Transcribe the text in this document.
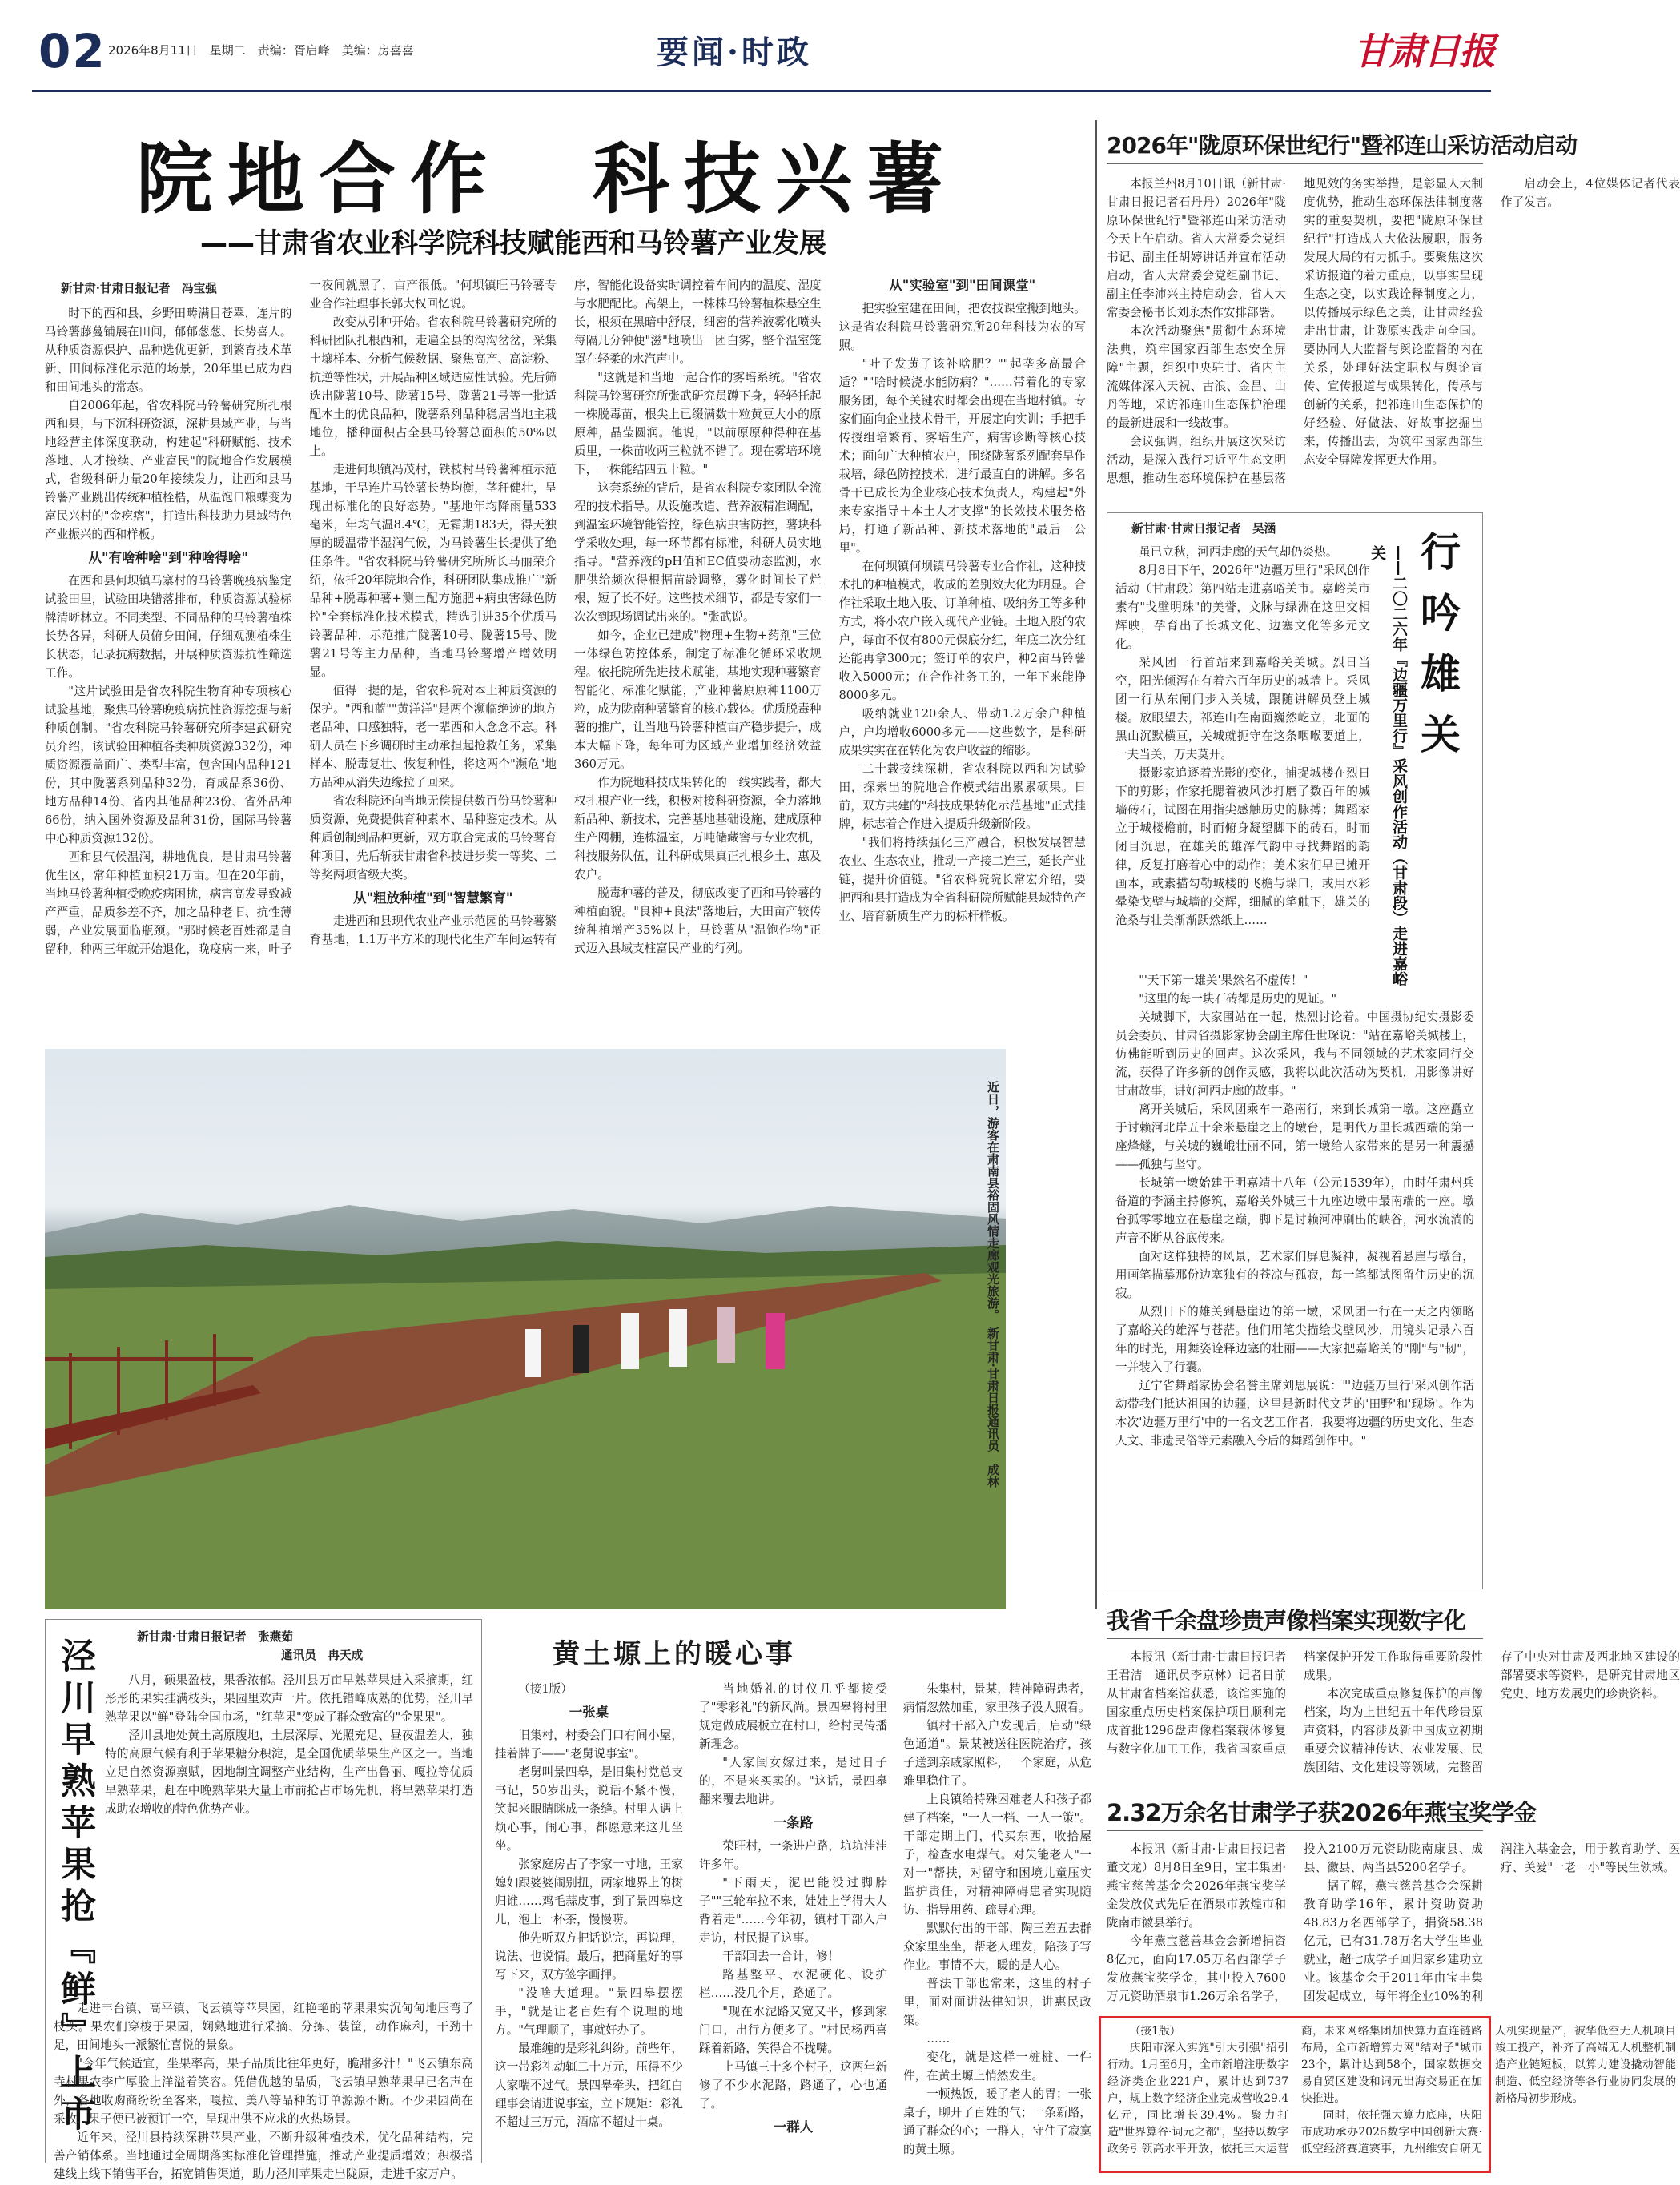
02 2026年8月11日　星期二　责编：胥启峰　美编：房喜喜	要闻·时政	甘肃日报
院地合作　科技兴薯
——甘肃省农业科学院科技赋能西和马铃薯产业发展
新甘肃·甘肃日报记者　冯宝强

时下的西和县，乡野田畴满目苍翠，连片的马铃薯藤蔓铺展在田间，郁郁葱葱、长势喜人。从种质资源保护、品种选优更新，到繁育技术革新、田间标准化示范的场景，20年里已成为西和田间地头的常态。

自2006年起，省农科院马铃薯研究所扎根西和县，与下沉科研资源，深耕县域产业，与当地经营主体深度联动，构建起"科研赋能、技术落地、人才接续、产业富民"的院地合作发展模式，省级科研力量20年接续发力，让西和县马铃薯产业跳出传统种植桎梏，从温饱口粮蝶变为富民兴村的"金疙瘩"，打造出科技助力县域特色产业振兴的西和样板。

从"有啥种啥"到"种啥得啥"

在西和县何坝镇马寨村的马铃薯晚疫病鉴定试验田里，试验田块错落排布，种质资源试验标牌清晰林立。不同类型、不同品种的马铃薯植株长势各异，科研人员俯身田间，仔细观测植株生长状态，记录抗病数据，开展种质资源抗性筛选工作。

"这片试验田是省农科院生物育种专项核心试验基地，聚焦马铃薯晚疫病抗性资源挖掘与新种质创制。"省农科院马铃薯研究所李建武研究员介绍，该试验田种植各类种质资源332份，种质资源覆盖面广、类型丰富，包含国内品种121份，其中陇薯系列品种32份，育成品系36份、地方品种14份、省内其他品种23份、省外品种66份，纳入国外资源及品种31份，国际马铃薯中心种质资源132份。

西和县气候温润，耕地优良，是甘肃马铃薯优生区，常年种植面积21万亩。但在20年前，当地马铃薯种植受晚疫病困扰，病害高发导致减产严重，品质参差不齐，加之品种老旧、抗性薄弱，产业发展面临瓶颈。"那时候老百姓都是自留种，种两三年就开始退化，晚疫病一来，叶子一夜间就黑了，亩产很低。"何坝镇旺马铃薯专业合作社理事长郭大权回忆说。

改变从引种开始。省农科院马铃薯研究所的科研团队扎根西和，走遍全县的沟沟岔岔，采集土壤样本、分析气候数据、聚焦高产、高淀粉、抗逆等性状，开展品种区域适应性试验。先后筛选出陇薯10号、陇薯15号、陇薯21号等一批适配本土的优良品种，陇薯系列品种稳居当地主栽地位，播种面积占全县马铃薯总面积的50%以上。

走进何坝镇冯茂村，铁枝村马铃薯种植示范基地，干旱连片马铃薯长势均衡，茎秆健壮，呈现出标准化的良好态势。"基地年均降雨量533毫米，年均气温8.4℃，无霜期183天，得天独厚的暖温带半湿润气候，为马铃薯生长提供了绝佳条件。"省农科院马铃薯研究所所长马丽荣介绍，依托20年院地合作，科研团队集成推广"新品种+脱毒种薯+测土配方施肥+病虫害绿色防控"全套标准化技术模式，精选引进35个优质马铃薯品种，示范推广陇薯10号、陇薯15号、陇薯21号等主力品种，当地马铃薯增产增效明显。

值得一提的是，省农科院对本土种质资源的保护。"西和蓝""黄洋洋"是两个濒临绝迹的地方老品种，口感独特，老一辈西和人念念不忘。科研人员在下乡调研时主动承担起抢救任务，采集样本、脱毒复壮、恢复种性，将这两个"濒危"地方品种从消失边缘拉了回来。

省农科院还向当地无偿提供数百份马铃薯种质资源，免费提供育种素本、品种鉴定技术。从种质创制到品种更新，双方联合完成的马铃薯育种项目，先后斩获甘肃省科技进步奖一等奖、二等奖两项省级大奖。

从"粗放种植"到"智慧繁育"

走进西和县现代农业产业示范园的马铃薯繁育基地，1.1万平方米的现代化生产车间运转有序，智能化设备实时调控着车间内的温度、湿度与水肥配比。高架上，一株株马铃薯植株悬空生长，根须在黑暗中舒展，细密的营养液雾化喷头每隔几分钟便"滋"地喷出一团白雾，整个温室笼罩在轻柔的水汽声中。

"这就是和当地一起合作的雾培系统。"省农科院马铃薯研究所张武研究员蹲下身，轻轻托起一株脱毒苗，根尖上已缀满数十粒黄豆大小的原原种，晶莹圆润。他说，"以前原原种得种在基质里，一株苗收两三粒就不错了。现在雾培环境下，一株能结四五十粒。"

这套系统的背后，是省农科院专家团队全流程的技术指导。从设施改造、营养液精准调配，到温室环境智能管控，绿色病虫害防控，薯块科学采收处理，每一环节都有标准，科研人员实地指导。"营养液的pH值和EC值要动态监测，水肥供给频次得根据苗龄调整，雾化时间长了烂根，短了长不好。这些技术细节，都是专家们一次次到现场调试出来的。"张武说。

如今，企业已建成"物理+生物+药剂"三位一体绿色防控体系，制定了标准化循环采收规程。依托院所先进技术赋能，基地实现种薯繁育智能化、标准化赋能，产业种薯原原种1100万粒，成为陇南种薯繁育的核心载体。优质脱毒种薯的推广，让当地马铃薯种植亩产稳步提升，成本大幅下降，每年可为区域产业增加经济效益360万元。

作为院地科技成果转化的一线实践者，都大权扎根产业一线，积极对接科研资源，全力落地新品种、新技术，完善基地基础设施，建成原种生产网棚，连栋温室，万吨储藏窖与专业农机，科技服务队伍，让科研成果真正扎根乡土，惠及农户。

脱毒种薯的普及，彻底改变了西和马铃薯的种植面貌。"良种+良法"落地后，大田亩产较传统种植增产35%以上，马铃薯从"温饱作物"正式迈入县域支柱富民产业的行列。

从"实验室"到"田间课堂"

把实验室建在田间，把农技课堂搬到地头。这是省农科院马铃薯研究所20年科技为农的写照。

"叶子发黄了该补啥肥？""起垄多高最合适？""啥时候浇水能防病？"……带着化的专家服务团，每个关键农时都会出现在当地村镇。专家们面向企业技术骨干，开展定向实训；手把手传授组培繁育、雾培生产，病害诊断等核心技术；面向广大种植农户，围绕陇薯系列配套早作栽培，绿色防控技术，进行最直白的讲解。多名骨干已成长为企业核心技术负责人，构建起"外来专家指导＋本土人才支撑"的长效技术服务格局，打通了新品种、新技术落地的"最后一公里"。

在何坝镇何坝镇马铃薯专业合作社，这种技术扎的种植模式，收成的差别效大化为明显。合作社采取土地入股、订单种植、吸纳务工等多种方式，将小农户嵌入现代产业链。土地入股的农户，每亩不仅有800元保底分红，年底二次分红还能再拿300元；签订单的农户，种2亩马铃薯收入5000元；在合作社务工的，一年下来能挣8000多元。

吸纳就业120余人、带动1.2万余户种植户，户均增收6000多元——这些数字，是科研成果实实在在转化为农户收益的缩影。

二十载接续深耕，省农科院以西和为试验田，探索出的院地合作模式结出累累硕果。日前，双方共建的"科技成果转化示范基地"正式挂牌，标志着合作进入提质升级新阶段。

"我们将持续强化三产融合，积极发展智慧农业、生态农业，推动一产接二连三，延长产业链，提升价值链。"省农科院院长常宏介绍，要把西和县打造成为全省科研院所赋能县域特色产业、培育新质生产力的标杆样板。

近日，游客在肃南县裕固风情走廊观光旅游。　新甘肃·甘肃日报通讯员　成林
2026年"陇原环保世纪行"暨祁连山采访活动启动

本报兰州8月10日讯（新甘肃·甘肃日报记者石丹丹）2026年"陇原环保世纪行"暨祁连山采访活动今天上午启动。省人大常委会党组书记、副主任胡婷讲话并宣布活动启动，省人大常委会党组副书记、副主任李沛兴主持启动会，省人大常委会秘书长刘永杰作安排部署。

本次活动聚焦"贯彻生态环境法典，筑牢国家西部生态安全屏障"主题，组织中央驻甘、省内主流媒体深入天祝、古浪、金昌、山丹等地，采访祁连山生态保护治理的最新进展和一线故事。

会议强调，组织开展这次采访活动，是深入践行习近平生态文明思想，推动生态环境保护在基层落地见效的务实举措，是彰显人大制度优势，推动生态环保法律制度落实的重要契机，要把"陇原环保世纪行"打造成人大依法履职，服务发展大局的有力抓手。要聚焦这次采访报道的着力重点，以事实呈现生态之变，以实践诠释制度之力，以传播展示绿色之美，让甘肃经验走出甘肃，让陇原实践走向全国。要协同人大监督与舆论监督的内在关系，处理好法定职权与舆论宣传、宣传报道与成果转化，传承与创新的关系，把祁连山生态保护的好经验、好做法、好故事挖掘出来，传播出去，为筑牢国家西部生态安全屏障发挥更大作用。

启动会上，4位媒体记者代表作了发言。

行吟雄关
——二〇二六年『边疆万里行』采风创作活动（甘肃段）走进嘉峪关
新甘肃·甘肃日报记者　吴涵

虽已立秋，河西走廊的天气却仍炎热。

8月8日下午，2026年"边疆万里行"采风创作活动（甘肃段）第四站走进嘉峪关市。嘉峪关市素有"戈壁明珠"的美誉，文脉与绿洲在这里交相辉映，孕育出了长城文化、边塞文化等多元文化。

采风团一行首站来到嘉峪关关城。烈日当空，阳光倾泻在有着六百年历史的城墙上。采风团一行从东闸门步入关城，跟随讲解员登上城楼。放眼望去，祁连山在南面巍然屹立，北面的黑山沉默横亘，关城就扼守在这条咽喉要道上，一夫当关，万夫莫开。

摄影家追逐着光影的变化，捕捉城楼在烈日下的剪影；作家托腮着被风沙打磨了数百年的城墙砖石，试图在用指尖感触历史的脉搏；舞蹈家立于城楼檐前，时而俯身凝望脚下的砖石，时而闭目沉思，在雄关的雄浑气韵中寻找舞蹈的韵律，反复打磨着心中的动作；美术家们早已摊开画本，或素描勾勒城楼的飞檐与垛口，或用水彩晕染戈壁与城墙的交辉，细腻的笔触下，雄关的沧桑与壮美渐渐跃然纸上……

"'天下第一雄关'果然名不虚传！"

"这里的每一块石砖都是历史的见证。"

关城脚下，大家围站在一起，热烈讨论着。中国摄协纪实摄影委员会委员、甘肃省摄影家协会副主席任世琛说："站在嘉峪关城楼上，仿佛能听到历史的回声。这次采风，我与不同领域的艺术家同行交流，获得了许多新的创作灵感，我将以此次活动为契机，用影像讲好甘肃故事，讲好河西走廊的故事。"

离开关城后，采风团乘车一路南行，来到长城第一墩。这座矗立于讨赖河北岸五十余米悬崖之上的墩台，是明代万里长城西端的第一座烽燧，与关城的巍峨壮丽不同，第一墩给人家带来的是另一种震撼——孤独与坚守。

长城第一墩始建于明嘉靖十八年（公元1539年），由时任肃州兵备道的李涵主持修筑，嘉峪关外城三十九座边墩中最南端的一座。墩台孤零零地立在悬崖之巅，脚下是讨赖河冲刷出的峡谷，河水流淌的声音不断从谷底传来。

面对这样独特的风景，艺术家们屏息凝神，凝视着悬崖与墩台，用画笔描摹那份边塞独有的苍凉与孤寂，每一笔都试图留住历史的沉寂。

从烈日下的雄关到悬崖边的第一墩，采风团一行在一天之内领略了嘉峪关的雄浑与苍茫。他们用笔尖描绘戈壁风沙，用镜头记录六百年的时光，用舞姿诠释边塞的壮丽——大家把嘉峪关的"刚"与"韧"，一并装入了行囊。

辽宁省舞蹈家协会名誉主席刘思展说："'边疆万里行'采风创作活动带我们抵达祖国的边疆，这里是新时代文艺的'田野'和'现场'。作为本次'边疆万里行'中的一名文艺工作者，我要将边疆的历史文化、生态人文、非遗民俗等元素融入今后的舞蹈创作中。"

我省千余盘珍贵声像档案实现数字化

本报讯（新甘肃·甘肃日报记者王君洁　通讯员李京林）记者日前从甘肃省档案馆获悉，该馆实施的国家重点历史档案保护项目顺利完成首批1296盘声像档案载体修复与数字化加工工作，我省国家重点档案保护开发工作取得重要阶段性成果。

本次完成重点修复保护的声像档案，均为上世纪五十年代珍贵原声资料，内容涉及新中国成立初期重要会议精神传达、农业发展、民族团结、文化建设等领域，完整留存了中央对甘肃及西北地区建设的部署要求等资料，是研究甘肃地区党史、地方发展史的珍贵资料。

2.32万余名甘肃学子获2026年燕宝奖学金

本报讯（新甘肃·甘肃日报记者董文龙）8月8日至9日，宝丰集团·燕宝慈善基金会2026年燕宝奖学金发放仪式先后在酒泉市敦煌市和陇南市徽县举行。

今年燕宝慈善基金会新增捐资8亿元，面向17.05万名西部学子发放燕宝奖学金，其中投入7600万元资助酒泉市1.26万余名学子，投入2100万元资助陇南康县、成县、徽县、两当县5200名学子。

据了解，燕宝慈善基金会深耕教育助学16年，累计资助资助48.83万名西部学子，捐资58.38亿元，已有31.78万名大学生毕业就业，超七成学子回归家乡建功立业。该基金会于2011年由宝丰集团发起成立，每年将企业10%的利润注入基金会，用于教育助学、医疗、关爱"一老一小"等民生领域。

泾川早熟苹果抢『鲜』上市
新甘肃·甘肃日报记者　张燕茹
通讯员　冉天成

八月，硕果盈枝，果香浓郁。泾川县万亩早熟苹果进入采摘期，红彤彤的果实挂满枝头，果园里欢声一片。依托错峰成熟的优势，泾川早熟苹果以"鲜"登陆全国市场，"红苹果"变成了群众致富的"金果果"。

泾川县地处黄土高原腹地，土层深厚、光照充足、昼夜温差大，独特的高原气候有利于苹果糖分积淀，是全国优质苹果生产区之一。当地立足自然资源禀赋，因地制宜调整产业结构，生产出鲁丽、嘎拉等优质早熟苹果，赶在中晚熟苹果大量上市前抢占市场先机，将早熟苹果打造成助农增收的特色优势产业。

走进丰台镇、高平镇、飞云镇等苹果园，红艳艳的苹果果实沉甸甸地压弯了枝头。果农们穿梭于果园，娴熟地进行采摘、分拣、装筐，动作麻利，干劲十足，田间地头一派繁忙喜悦的景象。

"今年气候适宜，坐果率高，果子品质比往年更好，脆甜多汁！"飞云镇东高寺村果农李广厚脸上洋溢着笑容。凭借优越的品质，飞云镇早熟苹果早已名声在外，各地收购商纷纷至客来，嘎拉、美八等品种的订单源源不断。不少果园尚在采收，果子便已被预订一空，呈现出供不应求的火热场景。

近年来，泾川县持续深耕苹果产业，不断升级种植技术，优化品种结构，完善产销体系。当地通过全周期落实标准化管理措施，推动产业提质增效；积极搭建线上线下销售平台，拓宽销售渠道，助力泾川苹果走出陇原，走进千家万户。

黄土塬上的暖心事

（接1版）

一张桌

旧集村，村委会门口有间小屋，挂着牌子——"老舅说事室"。

老舅叫景四皋，是旧集村党总支书记，50岁出头，说话不紧不慢，笑起来眼睛眯成一条缝。村里人遇上烦心事，闹心事，都愿意来这儿坐坐。

张家庭房占了李家一寸地，王家媳妇跟婆婆闹别扭，两家地界上的树归谁……鸡毛蒜皮事，到了景四皋这儿，泡上一杯茶，慢慢唠。

他先听双方把话说完，再说理，说法、也说情。最后，把商量好的事写下来，双方签字画押。

"没啥大道理。"景四皋摆摆手，"就是让老百姓有个说理的地方。"气理顺了，事就好办了。

最难缠的是彩礼纠纷。前些年，这一带彩礼动辄二十万元，压得不少人家喘不过气。景四皋牵头，把红白理事会请进说事室，立下规矩：彩礼不超过三万元，酒席不超过十桌。

当地婚礼的讨仪几乎都接受了"零彩礼"的新风尚。景四皋将村里规定做成展板立在村口，给村民传播新理念。

"人家闺女嫁过来，是过日子的，不是来买卖的。"这话，景四皋翻来覆去地讲。

一条路

荣旺村，一条进户路，坑坑洼洼许多年。

"下雨天，泥巴能没过脚脖子""三轮车拉不来，娃娃上学得大人背着走"……今年初，镇村干部入户走访，村民提了这事。

干部回去一合计，修！

路基整平、水泥硬化、设护栏……没几个月，路通了。

"现在水泥路又宽又平，修到家门口，出行方便多了。"村民杨西喜踩着新路，笑得合不拢嘴。

上马镇三十多个村子，这两年新修了不少水泥路，路通了，心也通了。

一群人

朱集村，景某，精神障碍患者，病情忽然加重，家里孩子没人照看。

镇村干部入户发现后，启动"绿色通道"。景某被送往医院治疗，孩子送到亲戚家照料，一个家庭，从危难里稳住了。

上良镇给特殊困难老人和孩子都建了档案，"一人一档、一人一策"。干部定期上门，代买东西，收拾屋子，检查水电煤气。对失能老人"一对一"帮扶，对留守和困境儿童压实监护责任，对精神障碍患者实现随访、指导用药、疏导心理。

默默付出的干部，陶三差五去群众家里坐坐，帮老人理发，陪孩子写作业。事情不大，暖的是人心。

普法干部也常来，这里的村子里，面对面讲法律知识，讲惠民政策。

……

变化，就是这样一桩桩、一件件，在黄土塬上悄然发生。

一顿热饭，暖了老人的胃；一张桌子，聊开了百姓的气；一条新路，通了群众的心；一群人，守住了寂寞的黄土塬。

（接1版）

庆阳市深入实施"引大引强"招引行动。1月至6月，全市新增注册数字经济类企业221户，累计达到737户，规上数字经济企业完成营收29.4亿元，同比增长39.4%。聚力打造"世界算谷·词元之都"，坚持以数字政务引领高水平开放，依托三大运营商，未来网络集团加快算力直连链路布局，全市新增算力网"结对子"城市23个，累计达到58个，国家数据交易自贸区建设和词元出海交易正在加快推进。

同时，依托强大算力底座，庆阳市成功承办2026数字中国创新大赛·低空经济赛道赛事，九州维安自研无人机实现量产，被华低空无人机项目竣工投产，补齐了高端无人机整机制造产业链短板，以算力建设撬动智能制造、低空经济等各行业协同发展的新格局初步形成。
